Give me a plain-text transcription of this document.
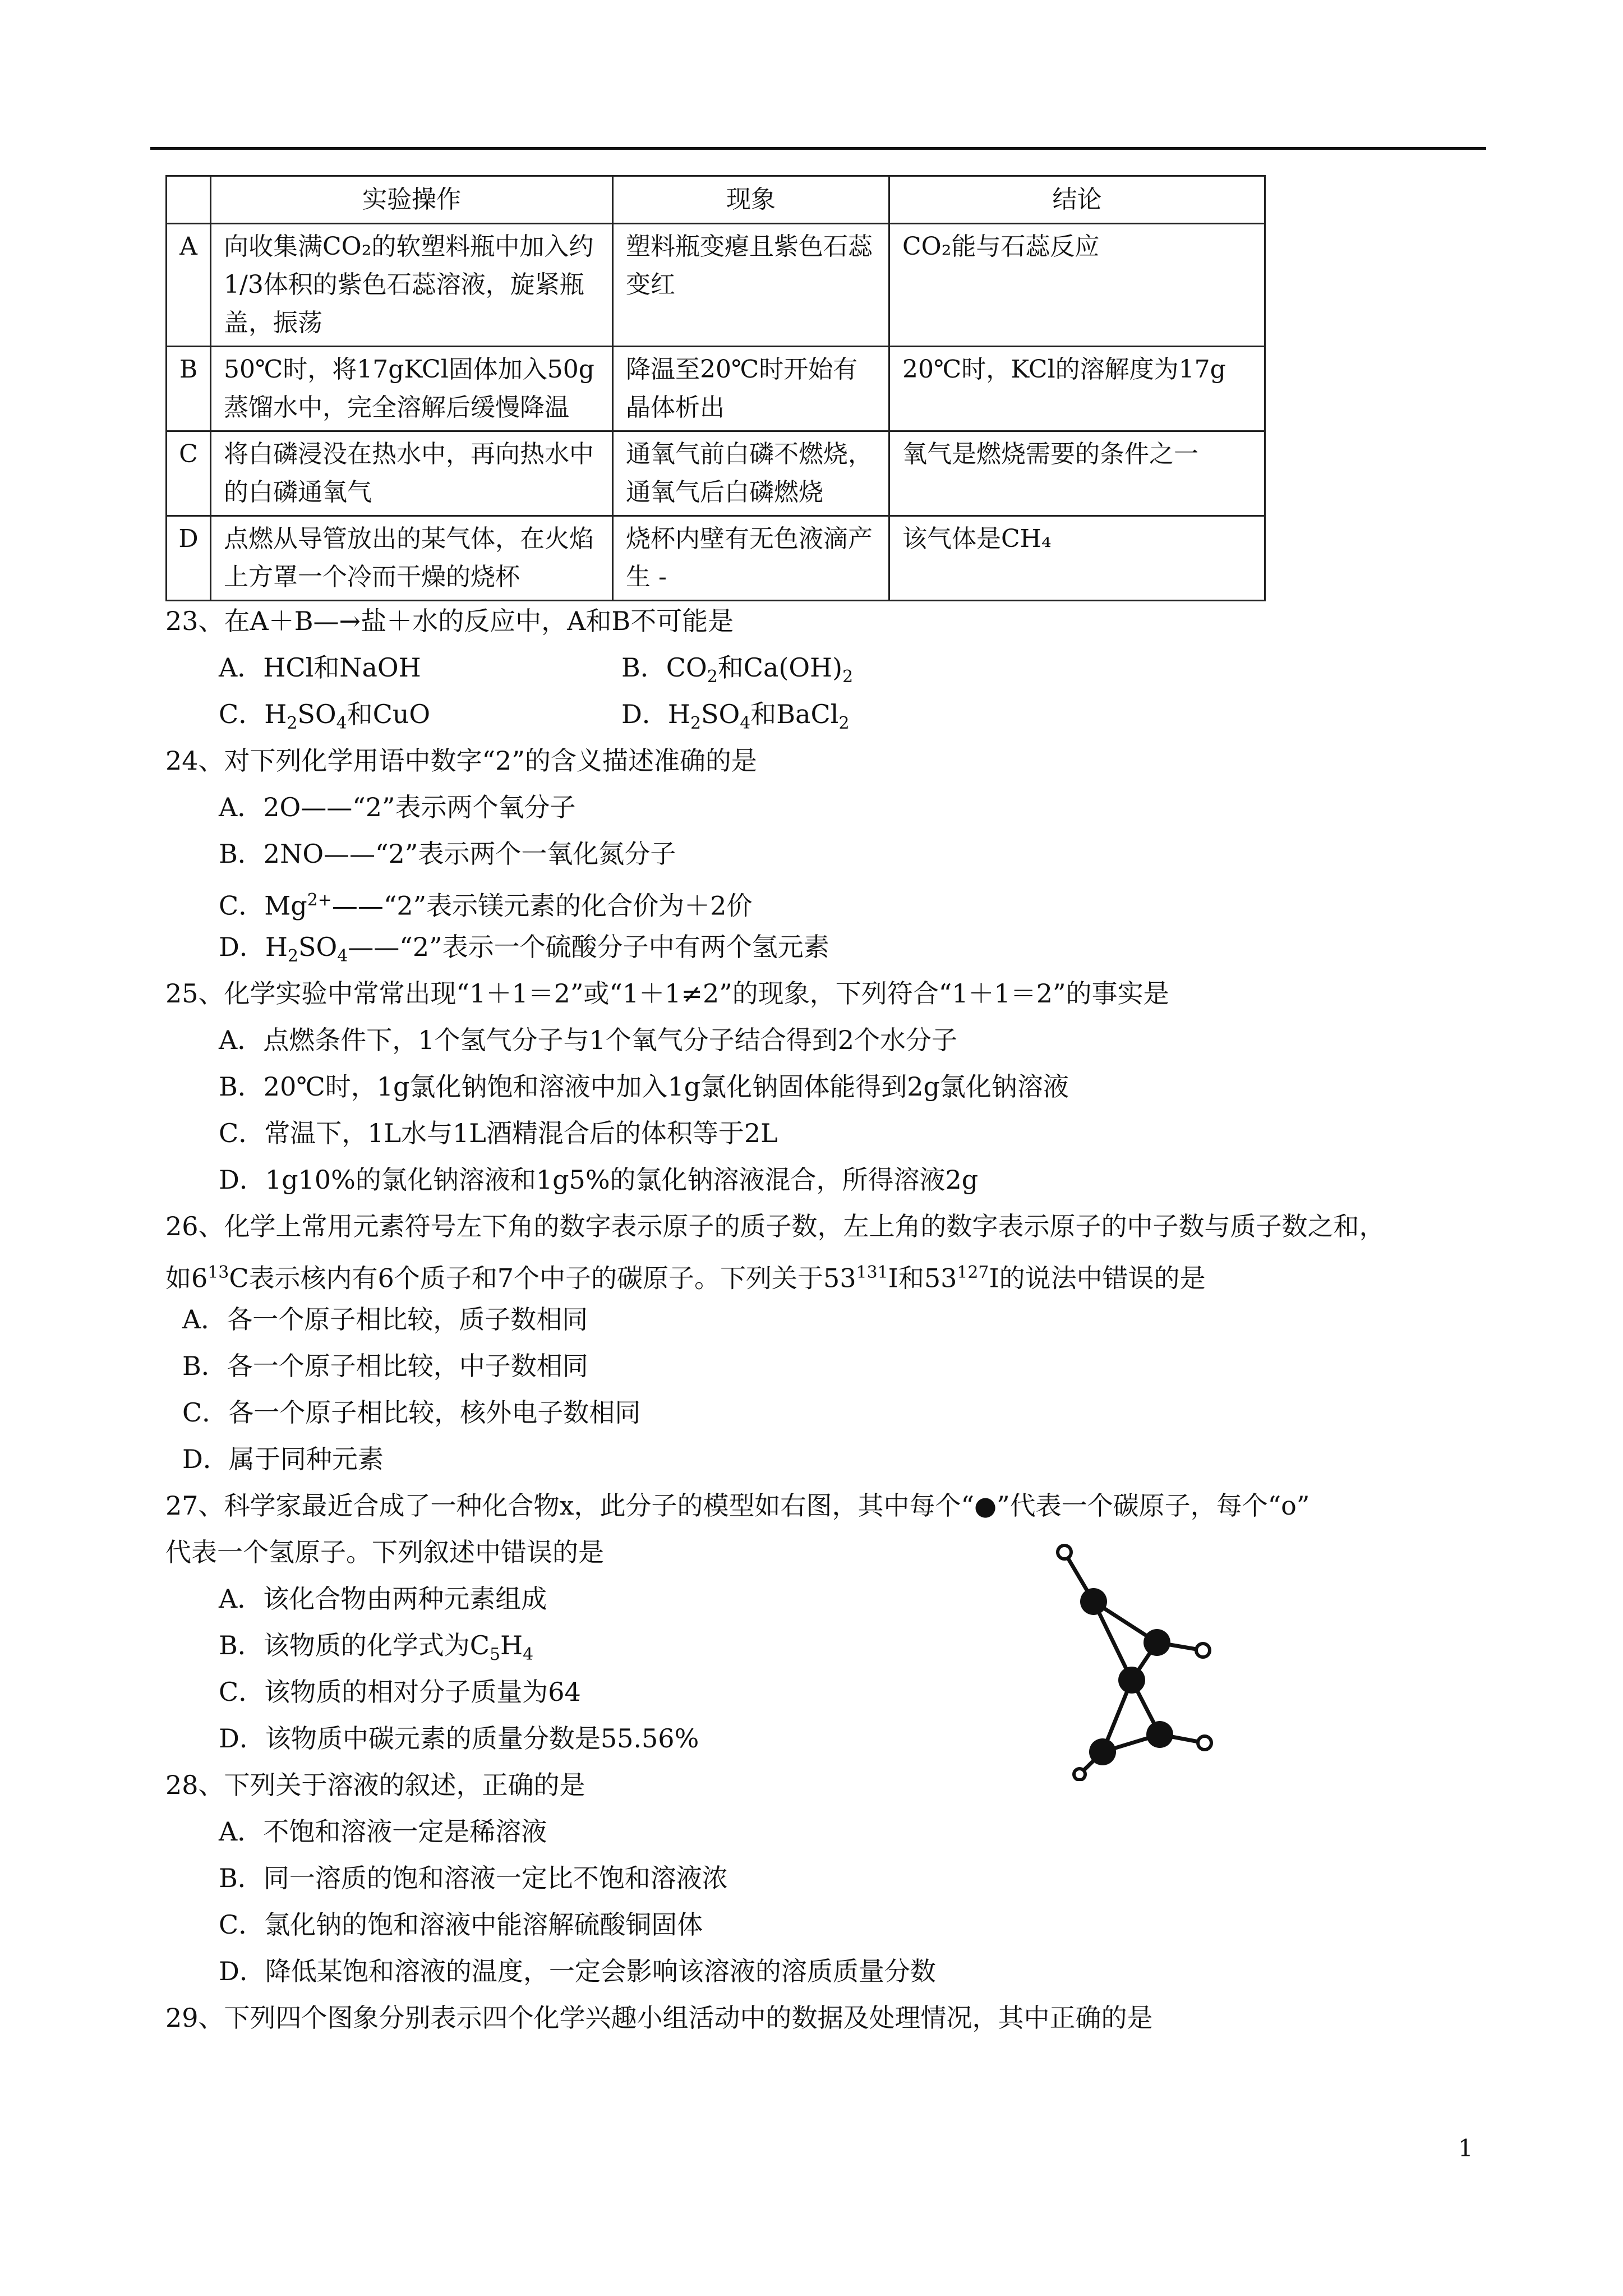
	实验操作	现象	结论
A	向收集满CO₂的软塑料瓶中加入约1/3体积的紫色石蕊溶液，旋紧瓶盖，振荡	塑料瓶变瘪且紫色石蕊变红	CO₂能与石蕊反应
B	50℃时，将17gKCl固体加入50g蒸馏水中，完全溶解后缓慢降温	降温至20℃时开始有晶体析出	20℃时，KCl的溶解度为17g
C	将白磷浸没在热水中，再向热水中的白磷通氧气	通氧气前白磷不燃烧，通氧气后白磷燃烧	氧气是燃烧需要的条件之一
D	点燃从导管放出的某气体，在火焰上方罩一个冷而干燥的烧杯	烧杯内壁有无色液滴产生 -	该气体是CH₄
23、在A＋B—→盐＋水的反应中，A和B不可能是
A．HCl和NaOH	B．$CO_2$和$Ca(OH)_2$
C．$H_2SO_4$和CuO	D．$H_2SO_4$和BaCl$_2$
24、对下列化学用语中数字“2”的含义描述准确的是
A．2O——“2”表示两个氧分子
B．2NO——“2”表示两个一氧化氮分子
C．$Mg^{2+}——“2$”表示镁元素的化合价为＋2价
D．$H_2SO_4——“2$”表示一个硫酸分子中有两个氢元素
25、化学实验中常常出现“1＋1＝2”或“1＋1≠2”的现象，下列符合“1＋1＝2”的事实是
A．点燃条件下，1个氢气分子与1个氧气分子结合得到2个水分子
B．20℃时，1g氯化钠饱和溶液中加入1g氯化钠固体能得到2g氯化钠溶液
C．常温下，1L水与1L酒精混合后的体积等于2L
D．1g10%的氯化钠溶液和1g5%的氯化钠溶液混合，所得溶液2g
26、化学上常用元素符号左下角的数字表示原子的质子数，左上角的数字表示原子的中子数与质子数之和，
如$6^{13}C$表示核内有6个质子和7个中子的碳原子。下列关于$53^{131}I$和$53^{127}I$的说法中错误的是
A．各一个原子相比较，质子数相同
B．各一个原子相比较，中子数相同
C．各一个原子相比较，核外电子数相同
D．属于同种元素
27、科学家最近合成了一种化合物x，此分子的模型如右图，其中每个“●”代表一个碳原子，每个“o”
代表一个氢原子。下列叙述中错误的是
A．该化合物由两种元素组成
B．该物质的化学式为$C_5H_4$
C．该物质的相对分子质量为64
D．该物质中碳元素的质量分数是55.56%
28、下列关于溶液的叙述，正确的是
A．不饱和溶液一定是稀溶液
B．同一溶质的饱和溶液一定比不饱和溶液浓
C．氯化钠的饱和溶液中能溶解硫酸铜固体
D．降低某饱和溶液的温度，一定会影响该溶液的溶质质量分数
29、下列四个图象分别表示四个化学兴趣小组活动中的数据及处理情况，其中正确的是
1
